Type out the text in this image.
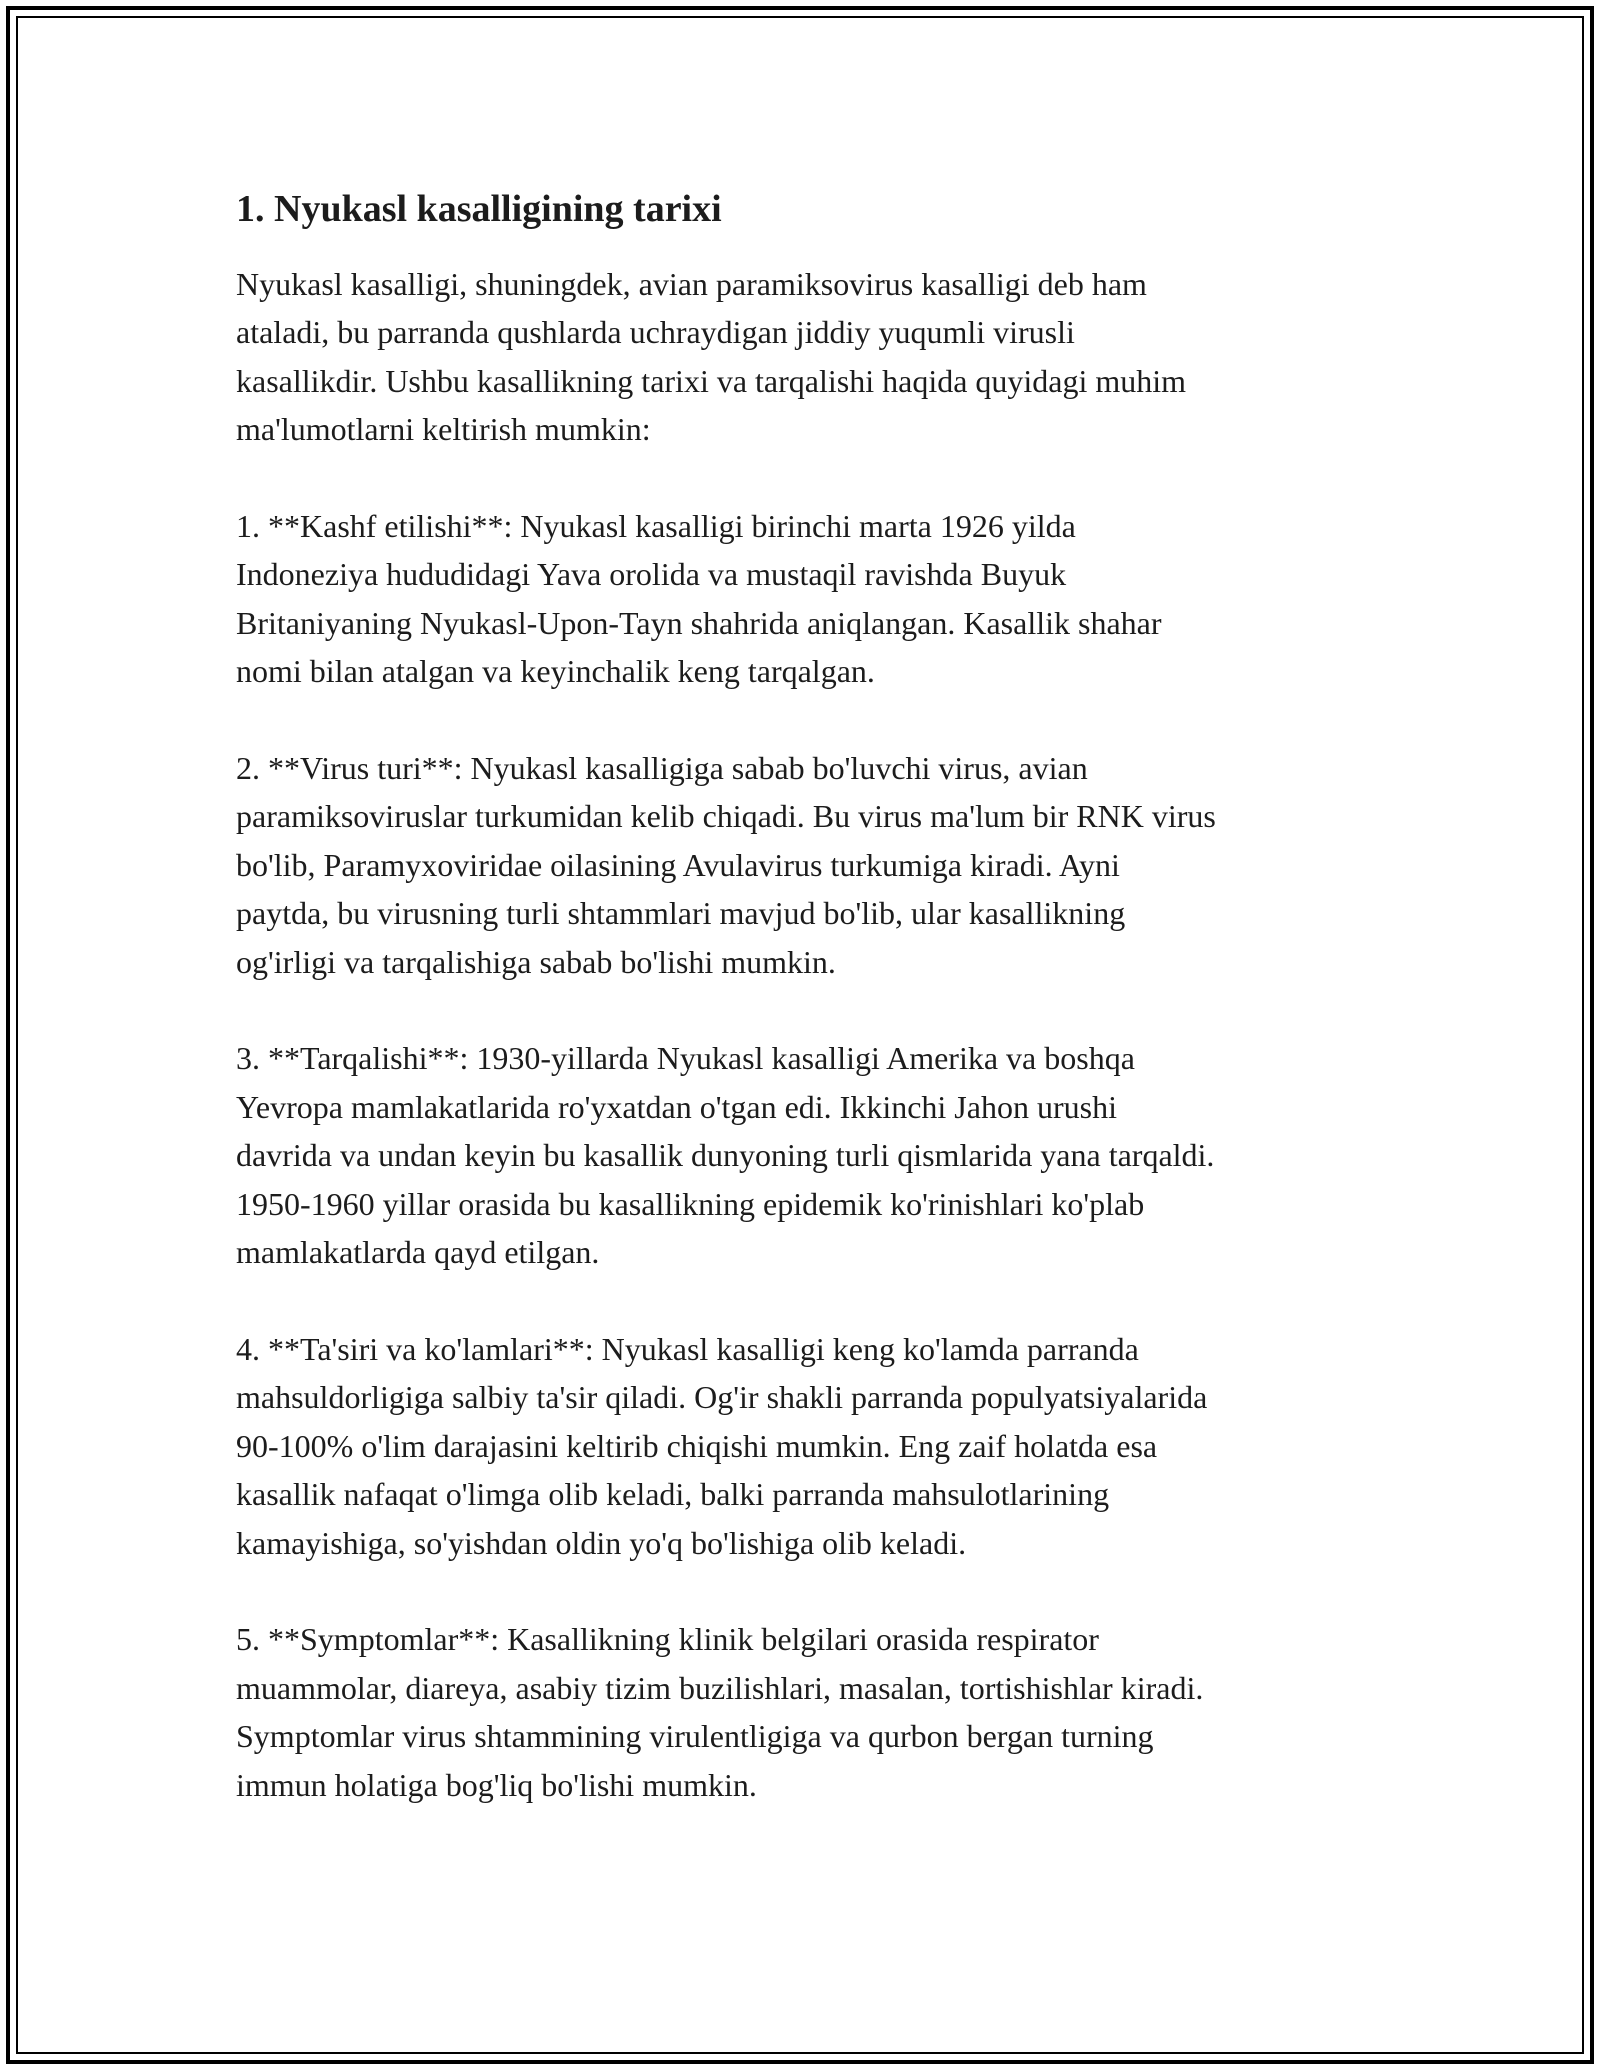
1. Nyukasl kasalligining tarixi
Nyukasl kasalligi, shuningdek, avian paramiksovirus kasalligi deb ham
ataladi, bu parranda qushlarda uchraydigan jiddiy yuqumli virusli
kasallikdir. Ushbu kasallikning tarixi va tarqalishi haqida quyidagi muhim
ma'lumotlarni keltirish mumkin:
1. **Kashf etilishi**: Nyukasl kasalligi birinchi marta 1926 yilda
Indoneziya hududidagi Yava orolida va mustaqil ravishda Buyuk
Britaniyaning Nyukasl-Upon-Tayn shahrida aniqlangan. Kasallik shahar
nomi bilan atalgan va keyinchalik keng tarqalgan.
2. **Virus turi**: Nyukasl kasalligiga sabab bo'luvchi virus, avian
paramiksoviruslar turkumidan kelib chiqadi. Bu virus ma'lum bir RNK virus
bo'lib, Paramyxoviridae oilasining Avulavirus turkumiga kiradi. Ayni
paytda, bu virusning turli shtammlari mavjud bo'lib, ular kasallikning
og'irligi va tarqalishiga sabab bo'lishi mumkin.
3. **Tarqalishi**: 1930-yillarda Nyukasl kasalligi Amerika va boshqa
Yevropa mamlakatlarida ro'yxatdan o'tgan edi. Ikkinchi Jahon urushi
davrida va undan keyin bu kasallik dunyoning turli qismlarida yana tarqaldi.
1950-1960 yillar orasida bu kasallikning epidemik ko'rinishlari ko'plab
mamlakatlarda qayd etilgan.
4. **Ta'siri va ko'lamlari**: Nyukasl kasalligi keng ko'lamda parranda
mahsuldorligiga salbiy ta'sir qiladi. Og'ir shakli parranda populyatsiyalarida
90-100% o'lim darajasini keltirib chiqishi mumkin. Eng zaif holatda esa
kasallik nafaqat o'limga olib keladi, balki parranda mahsulotlarining
kamayishiga, so'yishdan oldin yo'q bo'lishiga olib keladi.
5. **Symptomlar**: Kasallikning klinik belgilari orasida respirator
muammolar, diareya, asabiy tizim buzilishlari, masalan, tortishishlar kiradi.
Symptomlar virus shtammining virulentligiga va qurbon bergan turning
immun holatiga bog'liq bo'lishi mumkin.
